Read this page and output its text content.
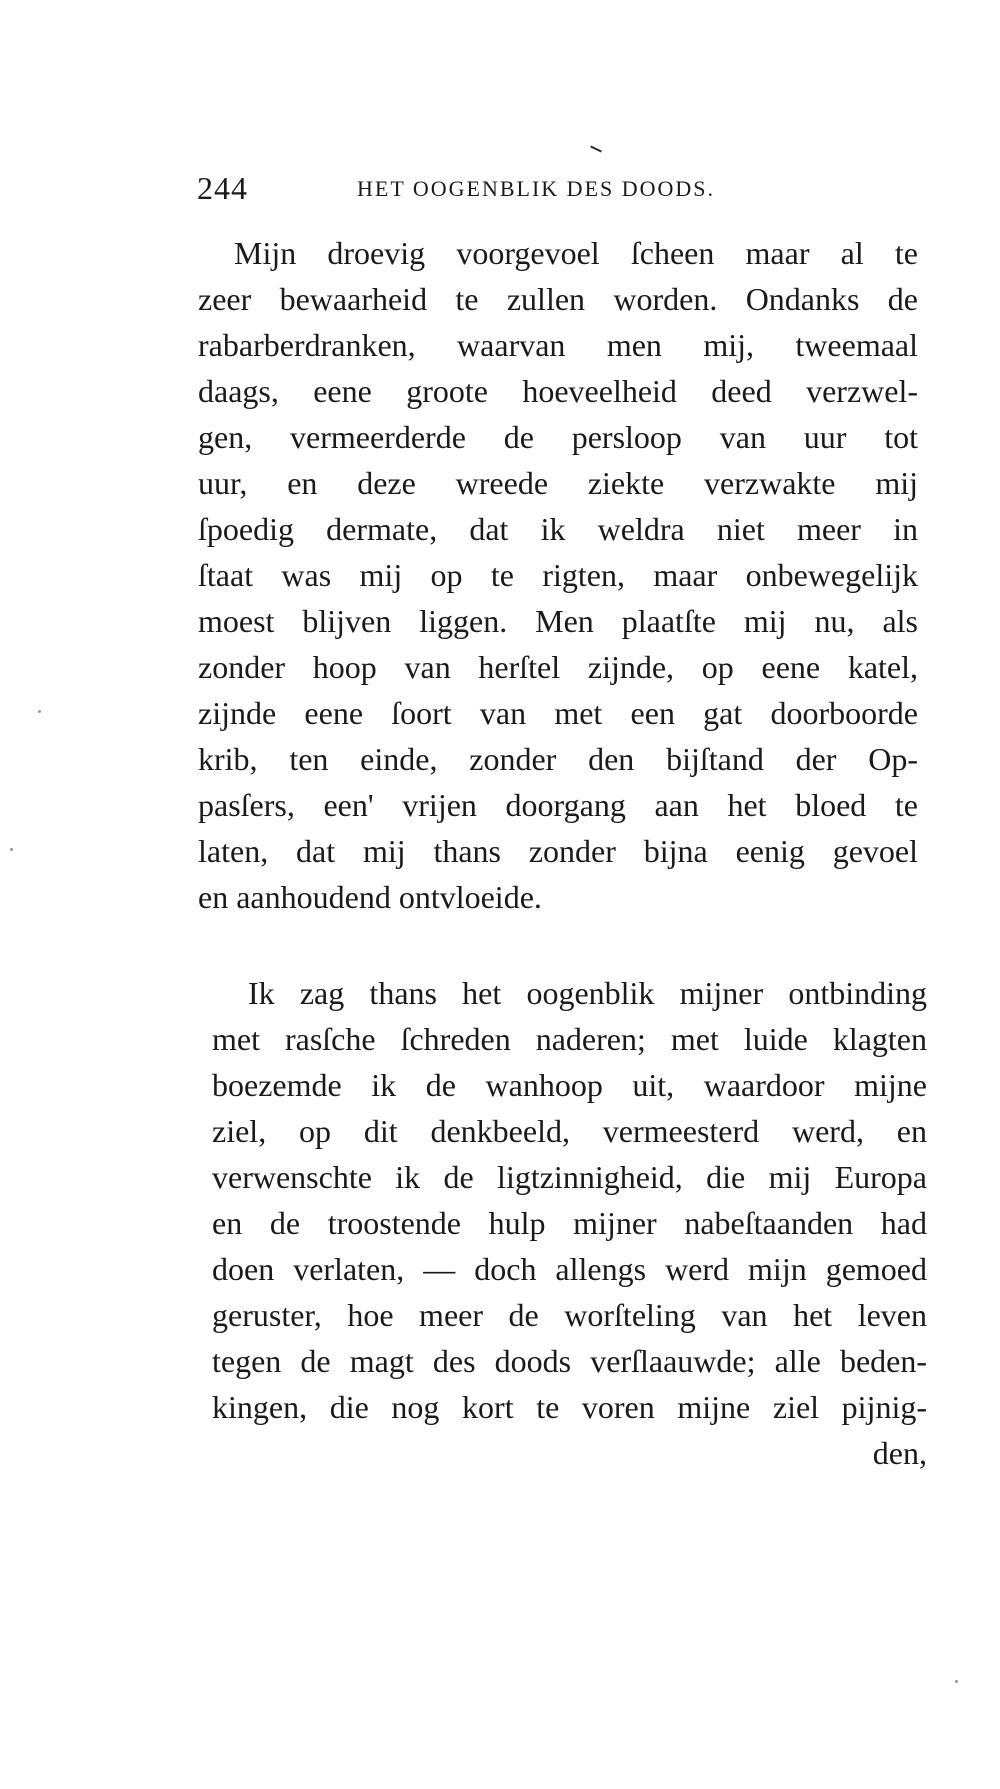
244	HET OOGENBLIK DES DOODS.
Mijn droevig voorgevoel ſcheen maar al te
zeer bewaarheid te zullen worden. Ondanks de
rabarberdranken, waarvan men mij, tweemaal
daags, eene groote hoeveelheid deed verzwel-
gen, vermeerderde de persloop van uur tot
uur, en deze wreede ziekte verzwakte mij
ſpoedig dermate, dat ik weldra niet meer in
ſtaat was mij op te rigten, maar onbewegelijk
moest blijven liggen. Men plaatſte mij nu, als
zonder hoop van herſtel zijnde, op eene katel,
zijnde eene ſoort van met een gat doorboorde
krib, ten einde, zonder den bijſtand der Op-
pasſers, een' vrijen doorgang aan het bloed te
laten, dat mij thans zonder bijna eenig gevoel
en aanhoudend ontvloeide.
Ik zag thans het oogenblik mijner ontbinding
met rasſche ſchreden naderen; met luide klagten
boezemde ik de wanhoop uit, waardoor mijne
ziel, op dit denkbeeld, vermeesterd werd, en
verwenschte ik de ligtzinnigheid, die mij Europa
en de troostende hulp mijner nabeſtaanden had
doen verlaten, — doch allengs werd mijn gemoed
geruster, hoe meer de worſteling van het leven
tegen de magt des doods verſlaauwde; alle beden-
kingen, die nog kort te voren mijne ziel pijnig-
den,
